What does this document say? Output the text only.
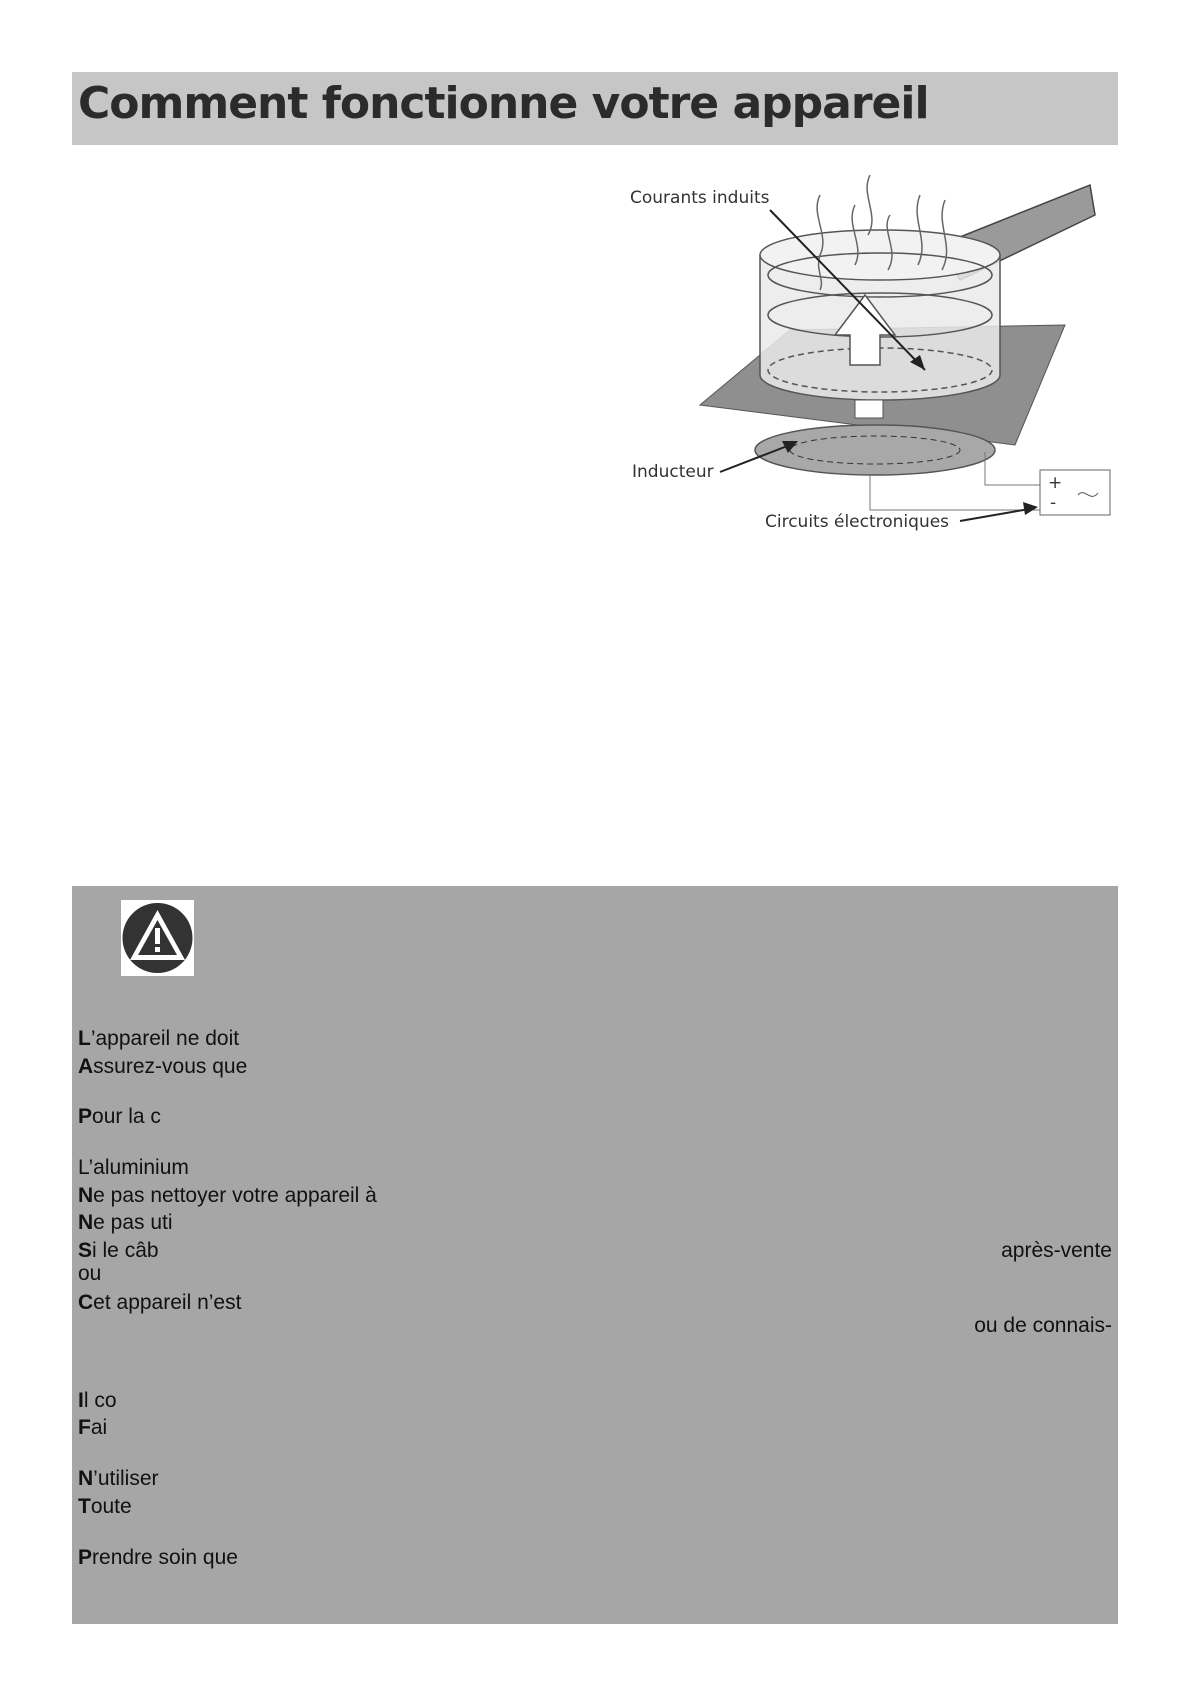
Comment fonctionne votre appareil
+
-
Courants induits
Inducteur
Circuits électroniques
L’appareil ne doit
Assurez-vous que
Pour la c
L’aluminium
Ne pas nettoyer votre appareil à
Ne pas uti
Si le câb	après-vente
ou
Cet appareil n’est
ou de connais-
Il co
Fai
N’utiliser
Toute
Prendre soin que
